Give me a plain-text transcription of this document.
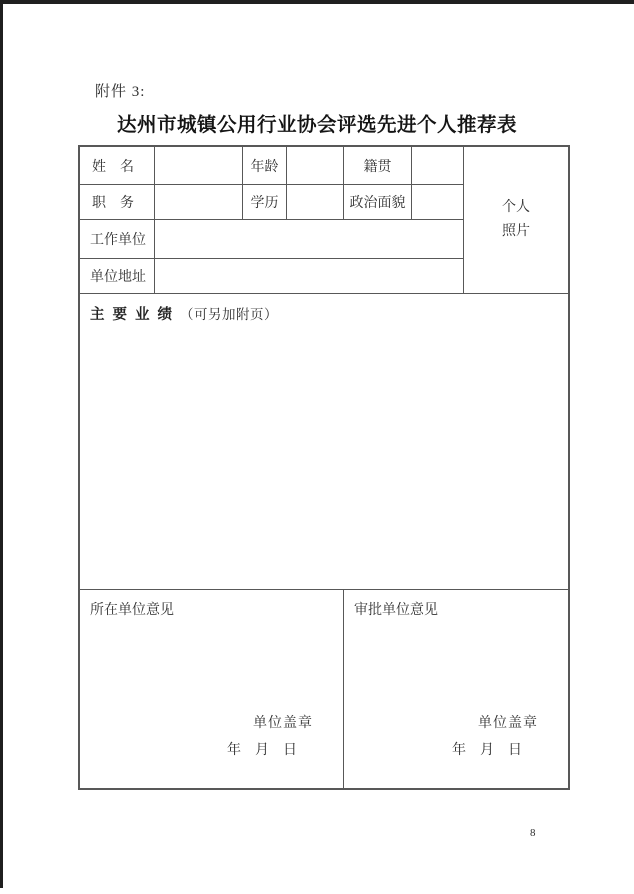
附件 3:
达州市城镇公用行业协会评选先进个人推荐表
姓　名	年龄	籍贯
职　务	学历	政治面貌
工作单位
单位地址
个人
照片
主要业绩（可另加附页）
所在单位意见
单位盖章
年　月　日
审批单位意见
单位盖章
年　月　日
8
